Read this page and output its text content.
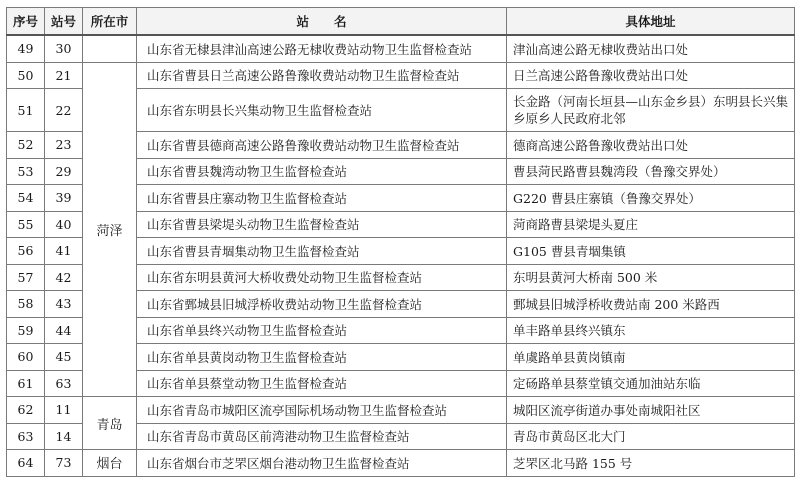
序号	站号	所在市	站　　名	具体地址
49	30		山东省无棣县津汕高速公路无棣收费站动物卫生监督检查站	津汕高速公路无棣收费站出口处
50	21	菏泽	山东省曹县日兰高速公路鲁豫收费站动物卫生监督检查站	日兰高速公路鲁豫收费站出口处
51	22		山东省东明县长兴集动物卫生监督检查站	长金路（河南长垣县—山东金乡县）东明县长兴集乡原乡人民政府北邻
52	23		山东省曹县德商高速公路鲁豫收费站动物卫生监督检查站	德商高速公路鲁豫收费站出口处
53	29		山东省曹县魏湾动物卫生监督检查站	曹县菏民路曹县魏湾段（鲁豫交界处）
54	39		山东省曹县庄寨动物卫生监督检查站	G220 曹县庄寨镇（鲁豫交界处）
55	40		山东省曹县梁堤头动物卫生监督检查站	菏商路曹县梁堤头夏庄
56	41		山东省曹县青堌集动物卫生监督检查站	G105 曹县青堌集镇
57	42		山东省东明县黄河大桥收费处动物卫生监督检查站	东明县黄河大桥南 500 米
58	43		山东省鄄城县旧城浮桥收费站动物卫生监督检查站	鄄城县旧城浮桥收费站南 200 米路西
59	44		山东省单县终兴动物卫生监督检查站	单丰路单县终兴镇东
60	45		山东省单县黄岗动物卫生监督检查站	单虞路单县黄岗镇南
61	63		山东省单县蔡堂动物卫生监督检查站	定砀路单县蔡堂镇交通加油站东临
62	11	青岛	山东省青岛市城阳区流亭国际机场动物卫生监督检查站	城阳区流亭街道办事处南城阳社区
63	14		山东省青岛市黄岛区前湾港动物卫生监督检查站	青岛市黄岛区北大门
64	73	烟台	山东省烟台市芝罘区烟台港动物卫生监督检查站	芝罘区北马路 155 号
